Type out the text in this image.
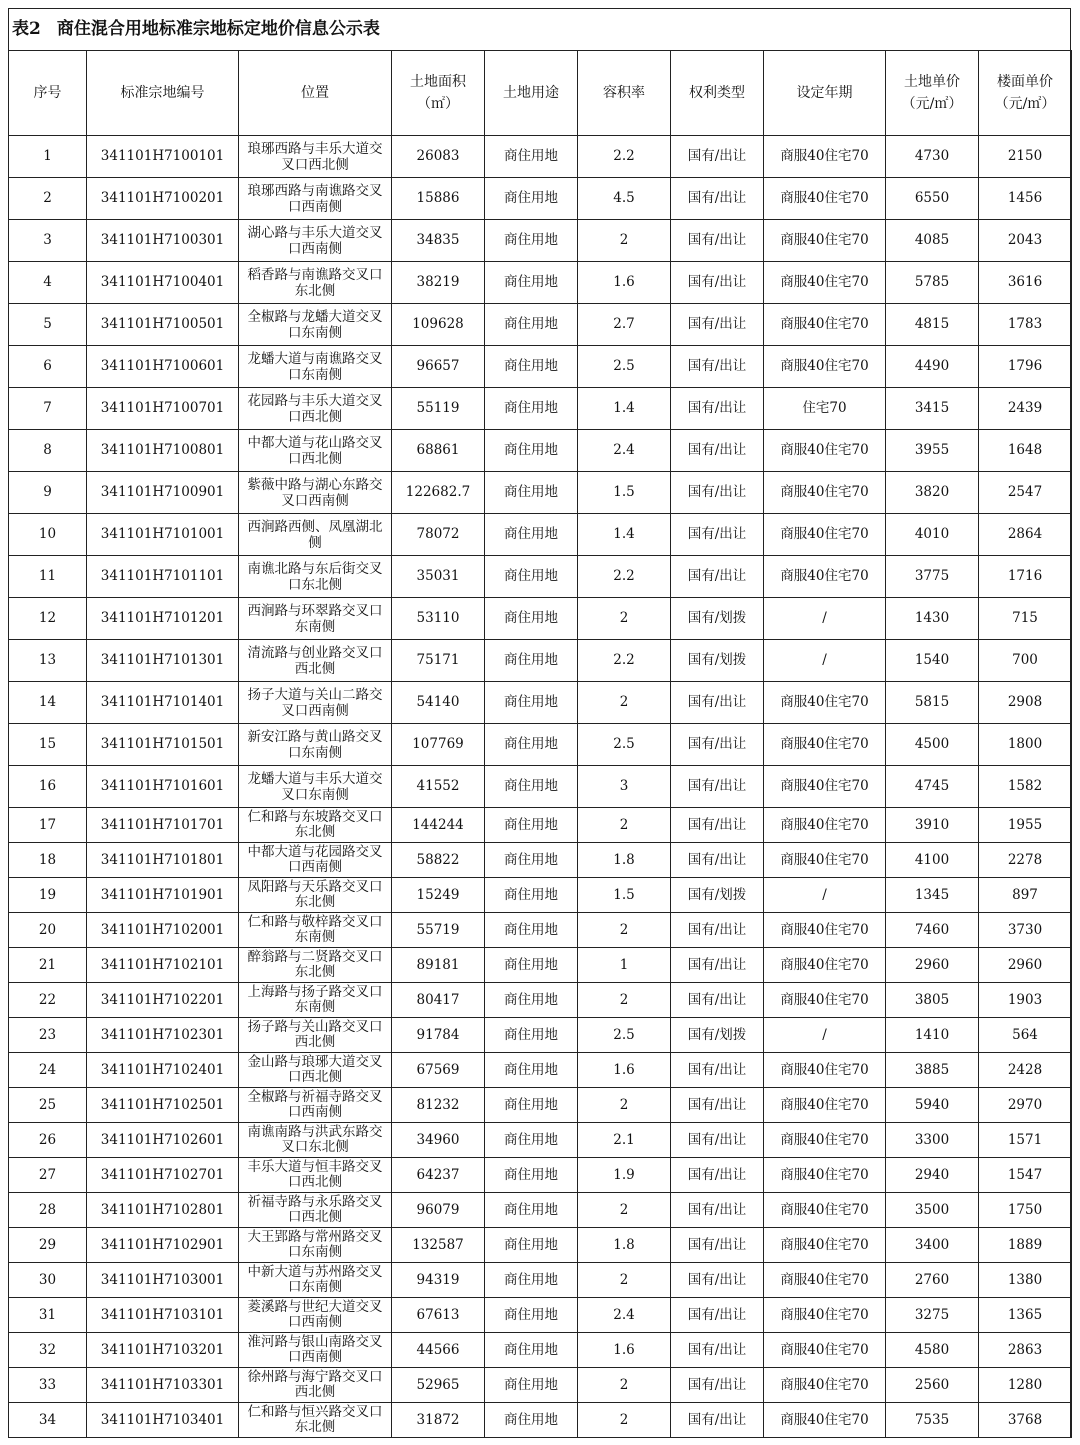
表2 商住混合用地标准宗地标定地价信息公示表
序号	标准宗地编号	位置	土地面积（㎡）	土地用途	容积率	权利类型	设定年期	土地单价（元/㎡）	楼面单价（元/㎡）
1	341101H7100101	琅琊西路与丰乐大道交叉口西北侧	26083	商住用地	2.2	国有/出让	商服40住宅70	4730	2150
2	341101H7100201	琅琊西路与南谯路交叉口西南侧	15886	商住用地	4.5	国有/出让	商服40住宅70	6550	1456
3	341101H7100301	湖心路与丰乐大道交叉口西南侧	34835	商住用地	2	国有/出让	商服40住宅70	4085	2043
4	341101H7100401	稻香路与南谯路交叉口东北侧	38219	商住用地	1.6	国有/出让	商服40住宅70	5785	3616
5	341101H7100501	全椒路与龙蟠大道交叉口东南侧	109628	商住用地	2.7	国有/出让	商服40住宅70	4815	1783
6	341101H7100601	龙蟠大道与南谯路交叉口东南侧	96657	商住用地	2.5	国有/出让	商服40住宅70	4490	1796
7	341101H7100701	花园路与丰乐大道交叉口西北侧	55119	商住用地	1.4	国有/出让	住宅70	3415	2439
8	341101H7100801	中都大道与花山路交叉口西北侧	68861	商住用地	2.4	国有/出让	商服40住宅70	3955	1648
9	341101H7100901	紫薇中路与湖心东路交叉口西南侧	122682.7	商住用地	1.5	国有/出让	商服40住宅70	3820	2547
10	341101H7101001	西涧路西侧、凤凰湖北侧	78072	商住用地	1.4	国有/出让	商服40住宅70	4010	2864
11	341101H7101101	南谯北路与东后街交叉口东北侧	35031	商住用地	2.2	国有/出让	商服40住宅70	3775	1716
12	341101H7101201	西涧路与环翠路交叉口东南侧	53110	商住用地	2	国有/划拨	/	1430	715
13	341101H7101301	清流路与创业路交叉口西北侧	75171	商住用地	2.2	国有/划拨	/	1540	700
14	341101H7101401	扬子大道与关山二路交叉口西南侧	54140	商住用地	2	国有/出让	商服40住宅70	5815	2908
15	341101H7101501	新安江路与黄山路交叉口东南侧	107769	商住用地	2.5	国有/出让	商服40住宅70	4500	1800
16	341101H7101601	龙蟠大道与丰乐大道交叉口东南侧	41552	商住用地	3	国有/出让	商服40住宅70	4745	1582
17	341101H7101701	仁和路与东坡路交叉口东北侧	144244	商住用地	2	国有/出让	商服40住宅70	3910	1955
18	341101H7101801	中都大道与花园路交叉口西南侧	58822	商住用地	1.8	国有/出让	商服40住宅70	4100	2278
19	341101H7101901	凤阳路与天乐路交叉口东北侧	15249	商住用地	1.5	国有/划拨	/	1345	897
20	341101H7102001	仁和路与敬梓路交叉口东南侧	55719	商住用地	2	国有/出让	商服40住宅70	7460	3730
21	341101H7102101	醉翁路与二贤路交叉口东北侧	89181	商住用地	1	国有/出让	商服40住宅70	2960	2960
22	341101H7102201	上海路与扬子路交叉口东南侧	80417	商住用地	2	国有/出让	商服40住宅70	3805	1903
23	341101H7102301	扬子路与关山路交叉口西北侧	91784	商住用地	2.5	国有/划拨	/	1410	564
24	341101H7102401	金山路与琅琊大道交叉口西北侧	67569	商住用地	1.6	国有/出让	商服40住宅70	3885	2428
25	341101H7102501	全椒路与祈福寺路交叉口西南侧	81232	商住用地	2	国有/出让	商服40住宅70	5940	2970
26	341101H7102601	南谯南路与洪武东路交叉口东北侧	34960	商住用地	2.1	国有/出让	商服40住宅70	3300	1571
27	341101H7102701	丰乐大道与恒丰路交叉口西北侧	64237	商住用地	1.9	国有/出让	商服40住宅70	2940	1547
28	341101H7102801	祈福寺路与永乐路交叉口西北侧	96079	商住用地	2	国有/出让	商服40住宅70	3500	1750
29	341101H7102901	大王郢路与常州路交叉口东南侧	132587	商住用地	1.8	国有/出让	商服40住宅70	3400	1889
30	341101H7103001	中新大道与苏州路交叉口东南侧	94319	商住用地	2	国有/出让	商服40住宅70	2760	1380
31	341101H7103101	菱溪路与世纪大道交叉口西南侧	67613	商住用地	2.4	国有/出让	商服40住宅70	3275	1365
32	341101H7103201	淮河路与银山南路交叉口西南侧	44566	商住用地	1.6	国有/出让	商服40住宅70	4580	2863
33	341101H7103301	徐州路与海宁路交叉口西北侧	52965	商住用地	2	国有/出让	商服40住宅70	2560	1280
34	341101H7103401	仁和路与恒兴路交叉口东北侧	31872	商住用地	2	国有/出让	商服40住宅70	7535	3768
